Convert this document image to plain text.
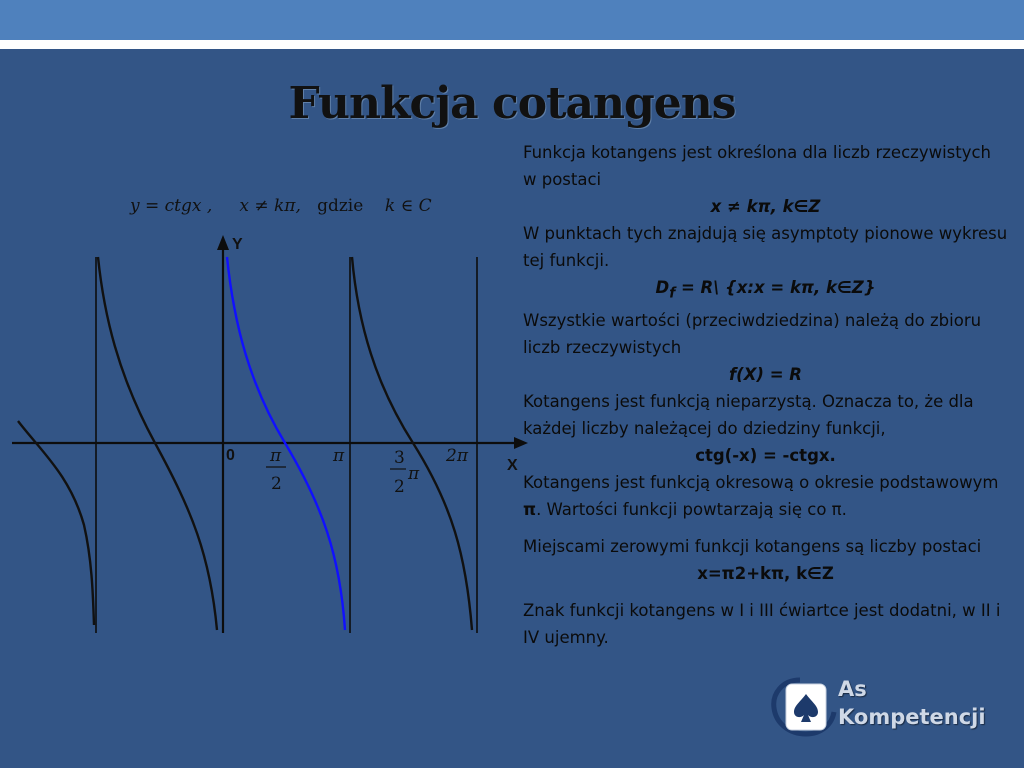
Funkcja cotangens
y = ctgx , x ≠ kπ, gdzie k ∈ C
Y
X
0 π
2
π	3
2
π
2π

Funkcja kotangens jest określona dla liczb rzeczywistych w postaci

x ≠ kπ, k∈Z

W punktach tych znajdują się asymptoty pionowe wykresu tej funkcji.

$D_f$ = R\ {x:x = kπ, k∈Z}

Wszystkie wartości (przeciwdziedzina) należą do zbioru liczb rzeczywistych

f(X) = R

Kotangens jest funkcją nieparzystą. Oznacza to, że dla każdej liczby należącej do dziedziny funkcji,

ctg(-x) = -ctgx.

Kotangens jest funkcją okresową o okresie podstawowym π. Wartości funkcji powtarzają się co π.

Miejscami zerowymi funkcji kotangens są liczby postaci

x=π2+kπ, k∈Z

Znak funkcji kotangens w I i III ćwiartce jest dodatni, w II i IV ujemny.

As
Kompetencji
